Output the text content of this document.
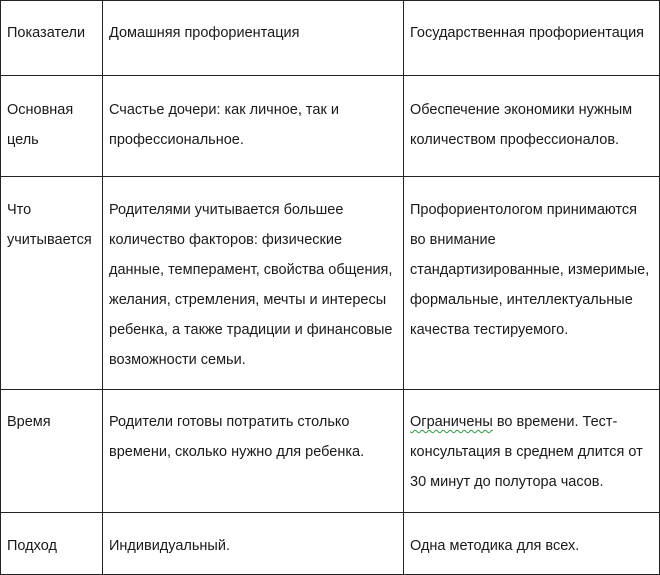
Показатели	Домашняя профориентация	Государственная профориентация

Основная цель	Счастье дочери: как личное, так и профессиональное.	Обеспечение экономики нужным количеством профессионалов.

Что учитывается	Родителями учитывается большее количество факторов: физические данные, темперамент, свойства общения, желания, стремления, мечты и интересы ребенка, а также традиции и финансовые возможности семьи.	Профориентологом принимаются во внимание стандартизированные, измеримые, формальные, интеллектуальные качества тестируемого.

Время	Родители готовы потратить столько времени, сколько нужно для ребенка.	Ограничены во времени. Тест-консультация в среднем длится от 30 минут до полутора часов.

Подход	Индивидуальный.	Одна методика для всех.
